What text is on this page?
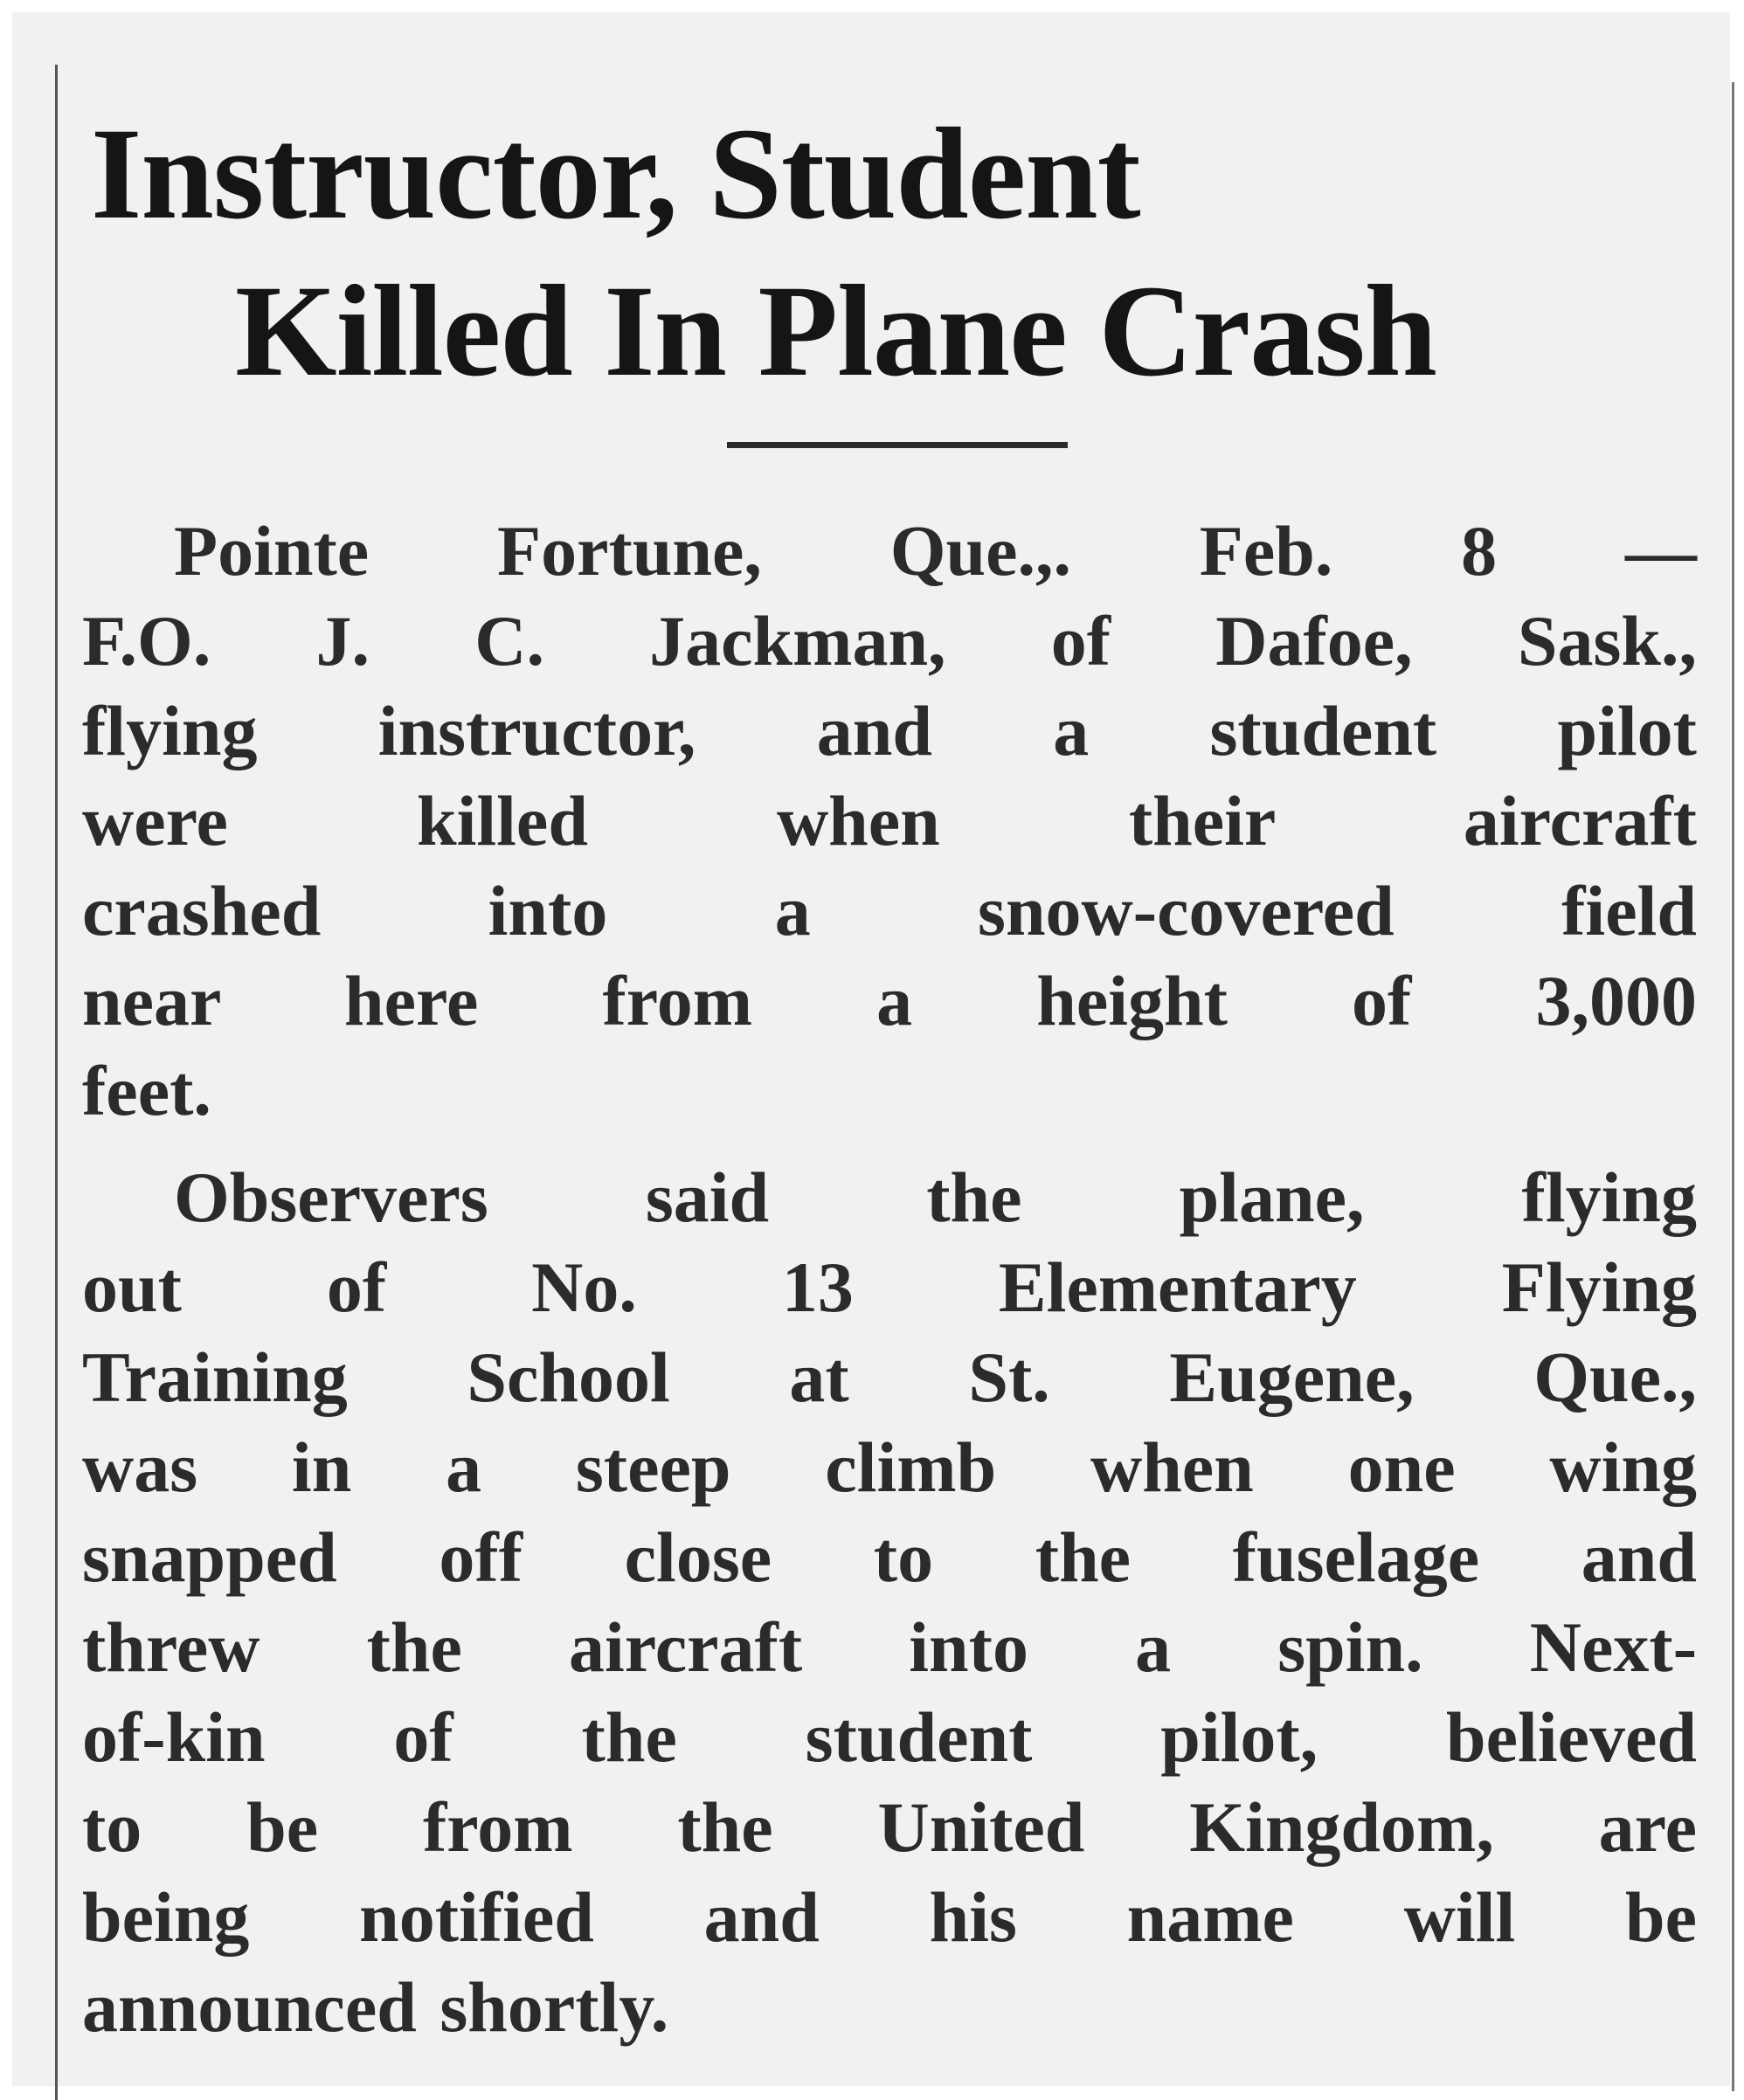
Instructor, Student
Killed In Plane Crash
Pointe Fortune, Que.,. Feb. 8 —
F.O. J. C. Jackman, of Dafoe, Sask.,
flying instructor, and a student pilot
were killed when their aircraft
crashed into a snow-covered field
near here from a height of 3,000
feet.
Observers said the plane, flying
out of No. 13 Elementary Flying
Training School at St. Eugene, Que.,
was in a steep climb when one wing
snapped off close to the fuselage and
threw the aircraft into a spin. Next-
of-kin of the student pilot, believed
to be from the United Kingdom, are
being notified and his name will be
announced shortly.
